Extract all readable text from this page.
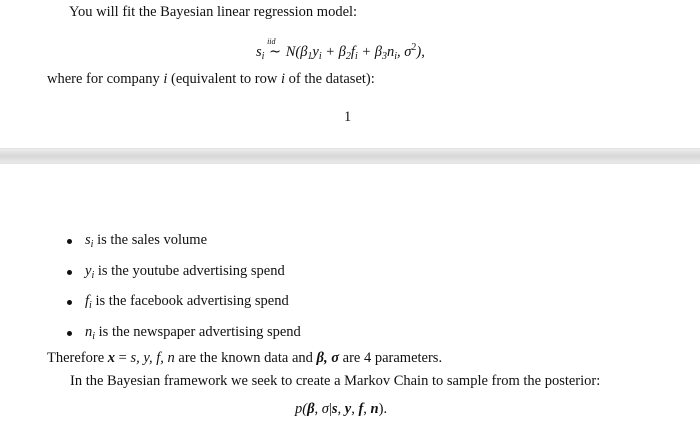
You will fit the Bayesian linear regression model:
$s_i$
iid
∼ $N(\beta_1y_i + \beta_2f_i + \beta_3n_i$, $\sigma^2$),
where for company i (equivalent to row i of the dataset):
1
$s_i$ is the sales volume
$y_i$ is the youtube advertising spend
$f_i$ is the facebook advertising spend
$n_i$ is the newspaper advertising spend
Therefore x = s, y, f, n are the known data and β, σ are 4 parameters.
In the Bayesian framework we seek to create a Markov Chain to sample from the posterior:
p(β, σ|s, y, f, n).
